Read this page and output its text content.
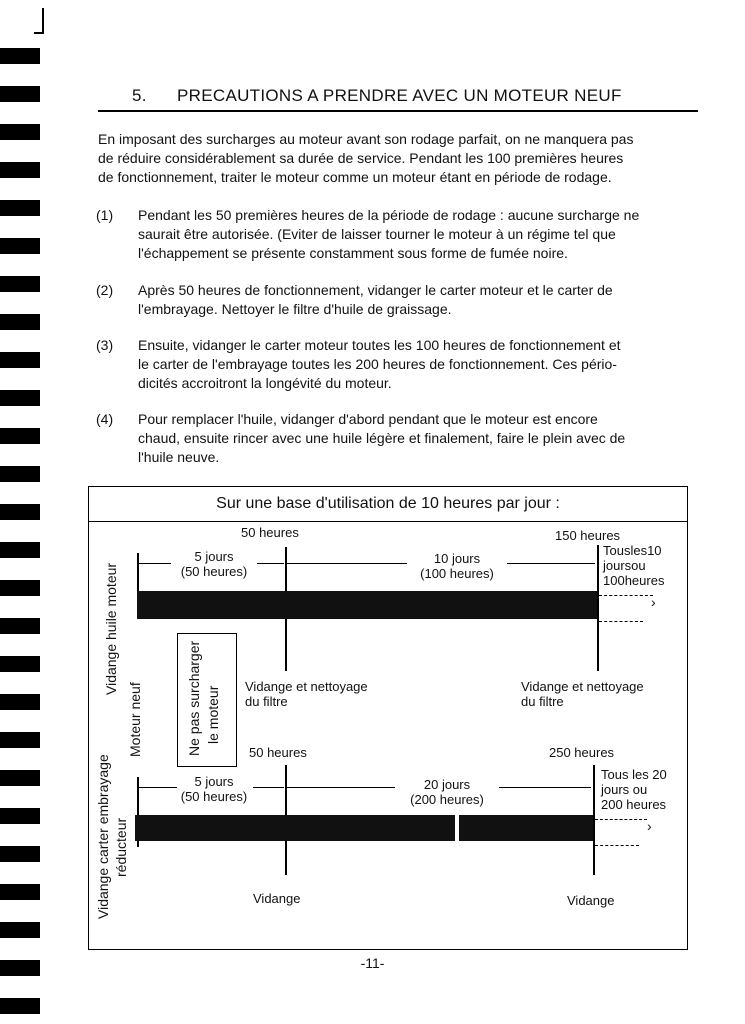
5. PRECAUTIONS A PRENDRE AVEC UN MOTEUR NEUF
En imposant des surcharges au moteur avant son rodage parfait, on ne manquera pas
de réduire considérablement sa durée de service. Pendant les 100 premières heures
de fonctionnement, traiter le moteur comme un moteur étant en période de rodage.
(1) Pendant les 50 premières heures de la période de rodage : aucune surcharge ne
saurait être autorisée. (Eviter de laisser tourner le moteur à un régime tel que
l'échappement se présente constamment sous forme de fumée noire.
(2) Après 50 heures de fonctionnement, vidanger le carter moteur et le carter de
l'embrayage. Nettoyer le filtre d'huile de graissage.
(3) Ensuite, vidanger le carter moteur toutes les 100 heures de fonctionnement et
le carter de l'embrayage toutes les 200 heures de fonctionnement. Ces pério-
dicités accroitront la longévité du moteur.
(4) Pour remplacer l'huile, vidanger d'abord pendant que le moteur est encore
chaud, ensuite rincer avec une huile légère et finalement, faire le plein avec de
l'huile neuve.
Sur une base d'utilisation de 10 heures par jour :
Vidange huile moteur
Moteur neuf
Vidange carter embrayage réducteur
Ne pas surcharger le moteur
50 heures	150 heures
5 jours
(50 heures)
10 jours
(100 heures)
Tousles10
joursou
100heures
›
Vidange et nettoyage
du filtre
Vidange et nettoyage
du filtre
50 heures	250 heures
5 jours
(50 heures)
20 jours
(200 heures)
Tous les 20
jours ou
200 heures
›
Vidange	Vidange
-11-
